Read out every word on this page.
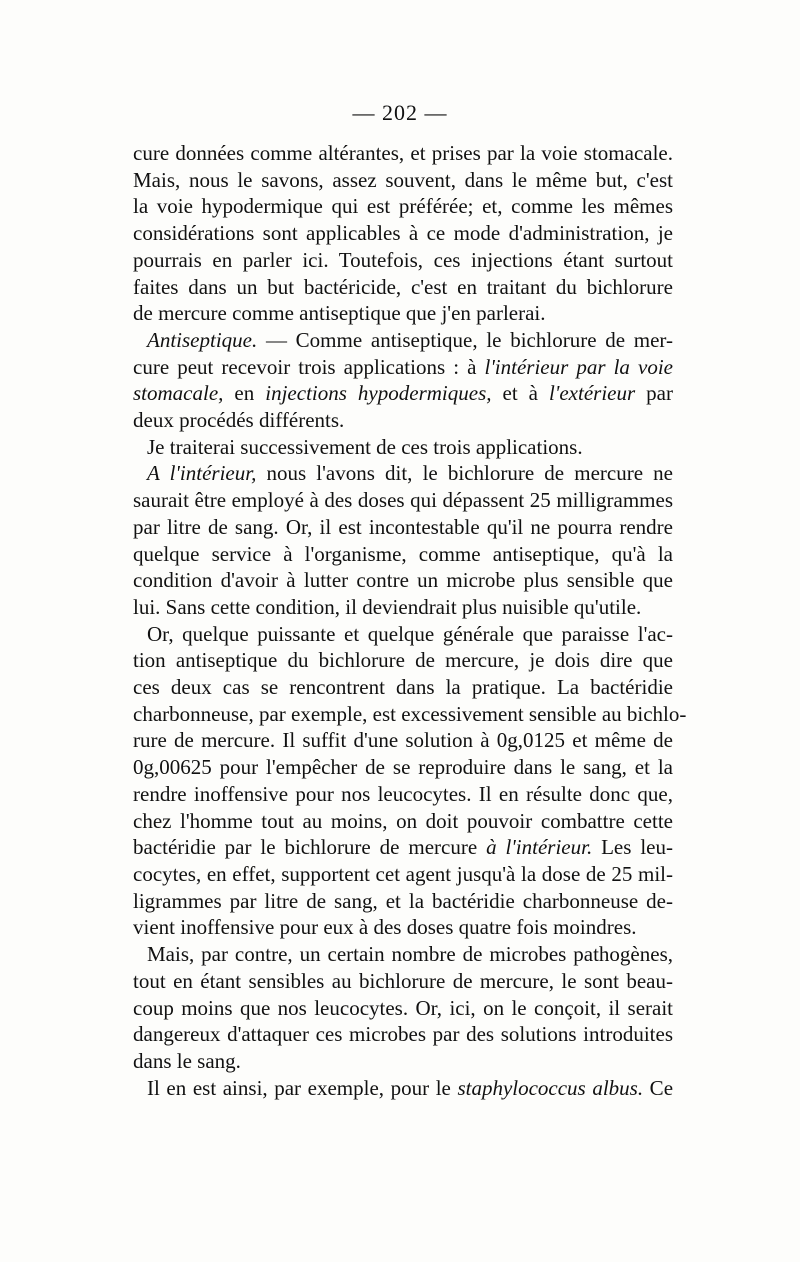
— 202 —
cure données comme altérantes, et prises par la voie stomacale.
Mais, nous le savons, assez souvent, dans le même but, c'est
la voie hypodermique qui est préférée; et, comme les mêmes
considérations sont applicables à ce mode d'administration, je
pourrais en parler ici. Toutefois, ces injections étant surtout
faites dans un but bactéricide, c'est en traitant du bichlorure
de mercure comme antiseptique que j'en parlerai.
Antiseptique. — Comme antiseptique, le bichlorure de mer-
cure peut recevoir trois applications : à l'intérieur par la voie
stomacale, en injections hypodermiques, et à l'extérieur par
deux procédés différents.
Je traiterai successivement de ces trois applications.
A l'intérieur, nous l'avons dit, le bichlorure de mercure ne
saurait être employé à des doses qui dépassent 25 milligrammes
par litre de sang. Or, il est incontestable qu'il ne pourra rendre
quelque service à l'organisme, comme antiseptique, qu'à la
condition d'avoir à lutter contre un microbe plus sensible que
lui. Sans cette condition, il deviendrait plus nuisible qu'utile.
Or, quelque puissante et quelque générale que paraisse l'ac-
tion antiseptique du bichlorure de mercure, je dois dire que
ces deux cas se rencontrent dans la pratique. La bactéridie
charbonneuse, par exemple, est excessivement sensible au bichlo-
rure de mercure. Il suffit d'une solution à 0g,0125 et même de
0g,00625 pour l'empêcher de se reproduire dans le sang, et la
rendre inoffensive pour nos leucocytes. Il en résulte donc que,
chez l'homme tout au moins, on doit pouvoir combattre cette
bactéridie par le bichlorure de mercure à l'intérieur. Les leu-
cocytes, en effet, supportent cet agent jusqu'à la dose de 25 mil-
ligrammes par litre de sang, et la bactéridie charbonneuse de-
vient inoffensive pour eux à des doses quatre fois moindres.
Mais, par contre, un certain nombre de microbes pathogènes,
tout en étant sensibles au bichlorure de mercure, le sont beau-
coup moins que nos leucocytes. Or, ici, on le conçoit, il serait
dangereux d'attaquer ces microbes par des solutions introduites
dans le sang.
Il en est ainsi, par exemple, pour le staphylococcus albus. Ce
